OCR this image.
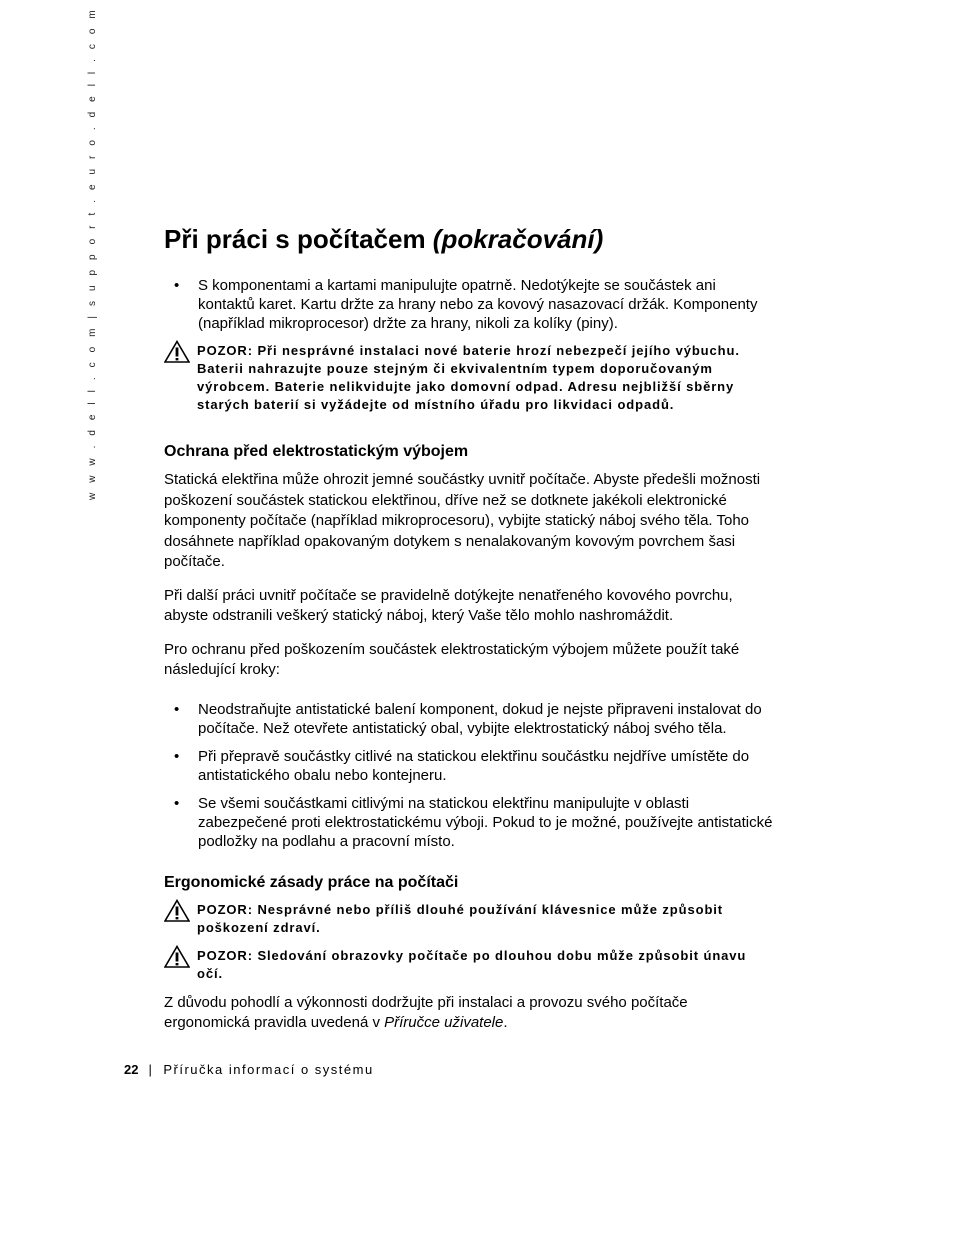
w w w . d e l l . c o m | s u p p o r t . e u r o . d e l l . c o m	Při práci s počítačem (pokračování)
• S komponentami a kartami manipulujte opatrně. Nedotýkejte se součástek ani kontaktů karet. Kartu držte za hrany nebo za kovový nasazovací držák. Komponenty (například mikroprocesor) držte za hrany, nikoli za kolíky (piny).

POZOR: Při nesprávné instalaci nové baterie hrozí nebezpečí jejího výbuchu. Baterii nahrazujte pouze stejným či ekvivalentním typem doporučovaným výrobcem. Baterie nelikvidujte jako domovní odpad. Adresu nejbližší sběrny starých baterií si vyžádejte od místního úřadu pro likvidaci odpadů.

Ochrana před elektrostatickým výbojem

Statická elektřina může ohrozit jemné součástky uvnitř počítače. Abyste předešli možnosti poškození součástek statickou elektřinou, dříve než se dotknete jakékoli elektronické komponenty počítače (například mikroprocesoru), vybijte statický náboj svého těla. Toho dosáhnete například opakovaným dotykem s nenalakovaným kovovým povrchem šasi počítače.

Při další práci uvnitř počítače se pravidelně dotýkejte nenatřeného kovového povrchu, abyste odstranili veškerý statický náboj, který Vaše tělo mohlo nashromáždit.

Pro ochranu před poškozením součástek elektrostatickým výbojem můžete použít také následující kroky:

• Neodstraňujte antistatické balení komponent, dokud je nejste připraveni instalovat do počítače. Než otevřete antistatický obal, vybijte elektrostatický náboj svého těla.
• Při přepravě součástky citlivé na statickou elektřinu součástku nejdříve umístěte do antistatického obalu nebo kontejneru.
• Se všemi součástkami citlivými na statickou elektřinu manipulujte v oblasti zabezpečené proti elektrostatickému výboji. Pokud to je možné, používejte antistatické podložky na podlahu a pracovní místo.
Ergonomické zásady práce na počítači

POZOR: Nesprávné nebo příliš dlouhé používání klávesnice může způsobit poškození zdraví.

POZOR: Sledování obrazovky počítače po dlouhou dobu může způsobit únavu očí.

Z důvodu pohodlí a výkonnosti dodržujte při instalaci a provozu svého počítače ergonomická pravidla uvedená v Příručce uživatele.

22 | Příručka informací o systému
